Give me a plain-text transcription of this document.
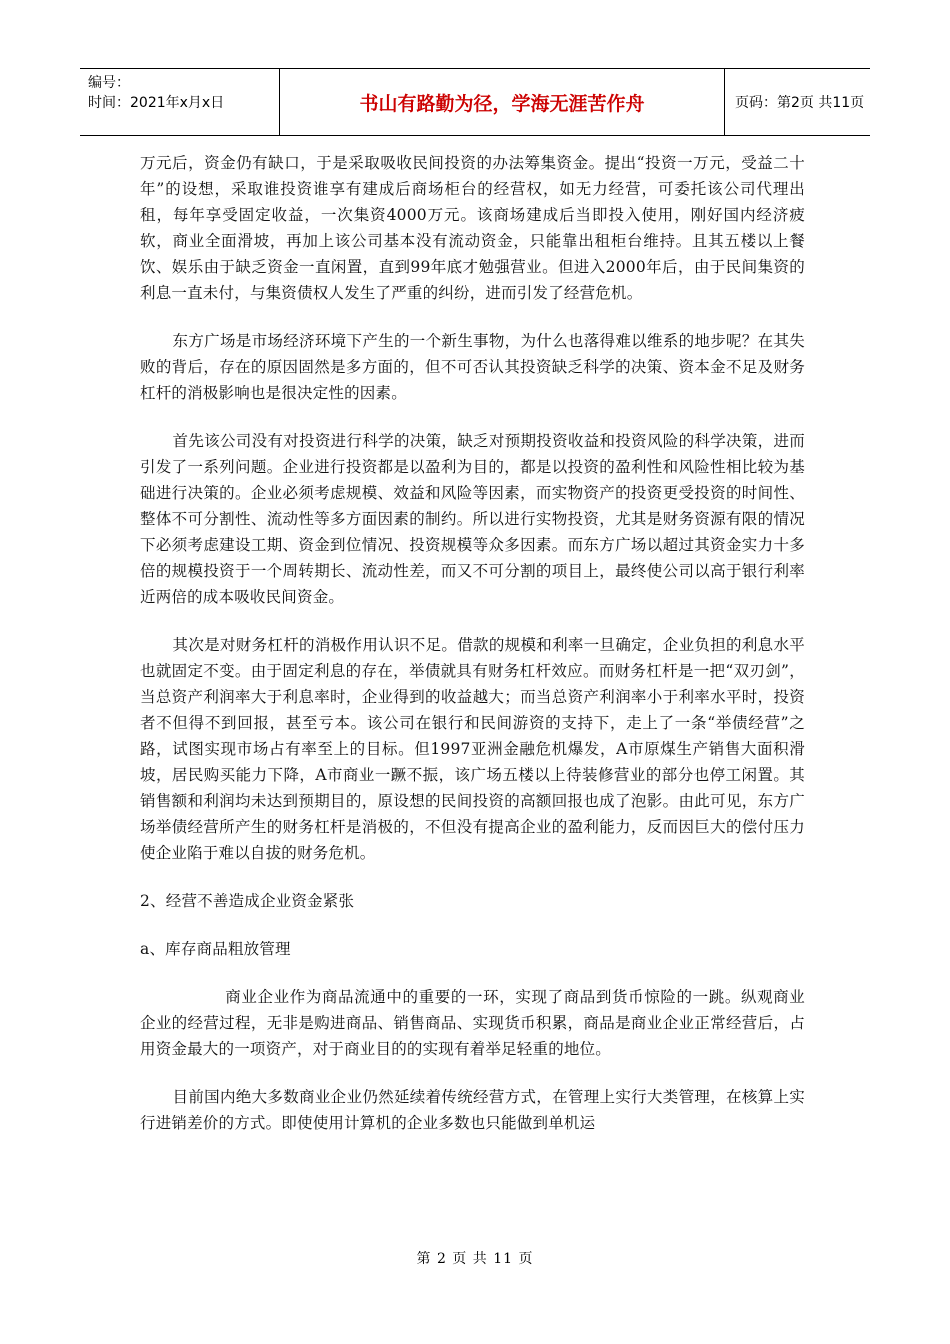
编号：
时间：2021年x月x日	书山有路勤为径，学海无涯苦作舟	页码：第2页 共11页

万元后，资金仍有缺口，于是采取吸收民间投资的办法筹集资金。提出“投资一万元，受益二十年”的设想，采取谁投资谁享有建成后商场柜台的经营权，如无力经营，可委托该公司代理出租，每年享受固定收益，一次集资4000万元。该商场建成后当即投入使用，刚好国内经济疲软，商业全面滑坡，再加上该公司基本没有流动资金，只能靠出租柜台维持。且其五楼以上餐饮、娱乐由于缺乏资金一直闲置，直到99年底才勉强营业。但进入2000年后，由于民间集资的利息一直未付，与集资债权人发生了严重的纠纷，进而引发了经营危机。

东方广场是市场经济环境下产生的一个新生事物，为什么也落得难以维系的地步呢？在其失败的背后，存在的原因固然是多方面的，但不可否认其投资缺乏科学的决策、资本金不足及财务杠杆的消极影响也是很决定性的因素。

首先该公司没有对投资进行科学的决策，缺乏对预期投资收益和投资风险的科学决策，进而引发了一系列问题。企业进行投资都是以盈利为目的，都是以投资的盈利性和风险性相比较为基础进行决策的。企业必须考虑规模、效益和风险等因素，而实物资产的投资更受投资的时间性、整体不可分割性、流动性等多方面因素的制约。所以进行实物投资，尤其是财务资源有限的情况下必须考虑建设工期、资金到位情况、投资规模等众多因素。而东方广场以超过其资金实力十多倍的规模投资于一个周转期长、流动性差，而又不可分割的项目上，最终使公司以高于银行利率近两倍的成本吸收民间资金。

其次是对财务杠杆的消极作用认识不足。借款的规模和利率一旦确定，企业负担的利息水平也就固定不变。由于固定利息的存在，举债就具有财务杠杆效应。而财务杠杆是一把“双刃剑”，当总资产利润率大于利息率时，企业得到的收益越大；而当总资产利润率小于利率水平时，投资者不但得不到回报，甚至亏本。该公司在银行和民间游资的支持下，走上了一条“举债经营”之路，试图实现市场占有率至上的目标。但1997亚洲金融危机爆发，A市原煤生产销售大面积滑坡，居民购买能力下降，A市商业一蹶不振，该广场五楼以上待装修营业的部分也停工闲置。其销售额和利润均未达到预期目的，原设想的民间投资的高额回报也成了泡影。由此可见，东方广场举债经营所产生的财务杠杆是消极的，不但没有提高企业的盈利能力，反而因巨大的偿付压力使企业陷于难以自拔的财务危机。

2、经营不善造成企业资金紧张

a、库存商品粗放管理

商业企业作为商品流通中的重要的一环，实现了商品到货币惊险的一跳。纵观商业企业的经营过程，无非是购进商品、销售商品、实现货币积累，商品是商业企业正常经营后，占用资金最大的一项资产，对于商业目的的实现有着举足轻重的地位。

目前国内绝大多数商业企业仍然延续着传统经营方式，在管理上实行大类管理，在核算上实行进销差价的方式。即使使用计算机的企业多数也只能做到单机运

第 2 页 共 11 页
